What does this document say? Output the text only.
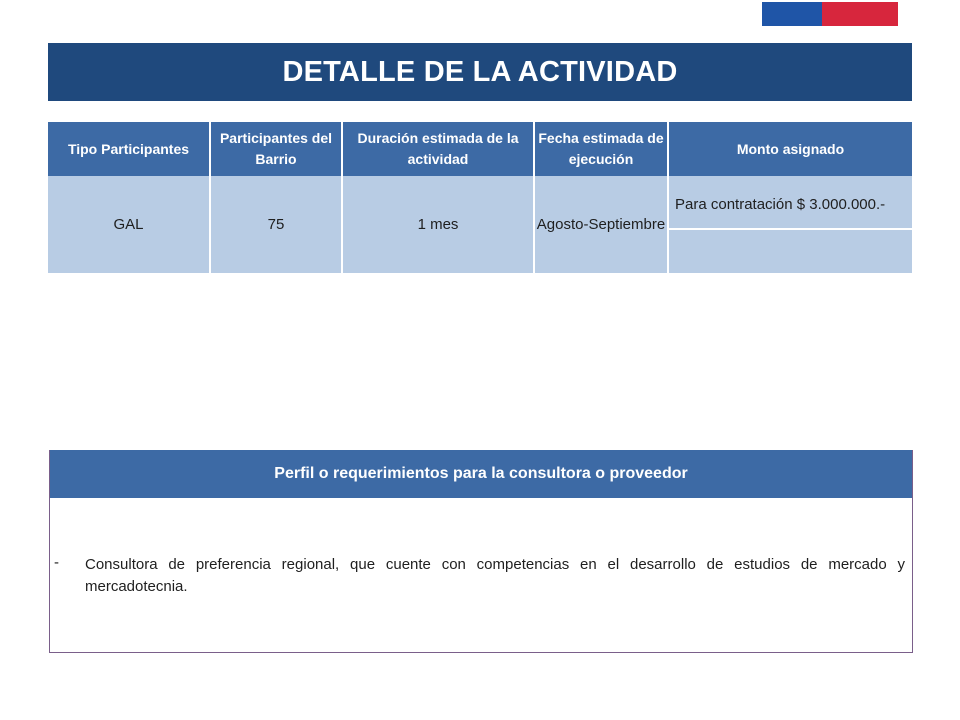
DETALLE DE LA ACTIVIDAD
Tipo Participantes	Participantes del Barrio	Duración estimada de la actividad	Fecha estimada de ejecución	Monto asignado
GAL	75	1 mes	Agosto-Septiembre	Para contratación $ 3.000.000.-

Perfil o requerimientos para la consultora o proveedor
- Consultora de preferencia regional, que cuente con competencias en el desarrollo de estudios de mercado y mercadotecnia.
